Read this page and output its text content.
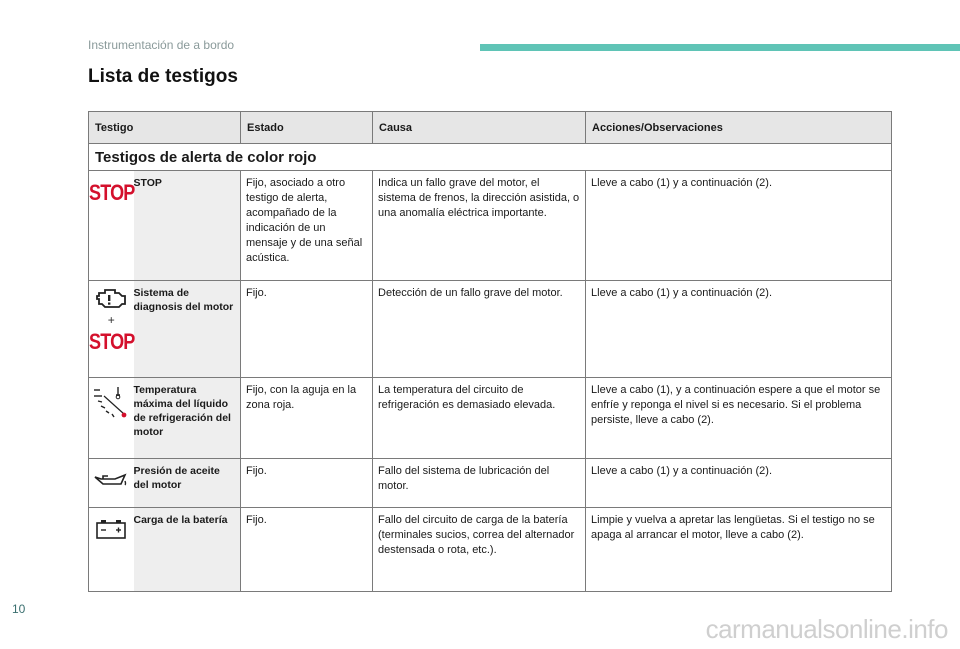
Instrumentación de a bordo
Lista de testigos
Testigo		Estado	Causa	Acciones/Observaciones
Testigos de alerta de color rojo				

STOP	STOP	Fijo, asociado a otro testigo de alerta, acompañado de la indicación de un mensaje y de una señal acústica.	Indica un fallo grave del motor, el sistema de frenos, la dirección asistida, o una anomalía eléctrica importante.	Lleve a cabo (1) y a continuación (2).

+
STOP	Sistema de diagnosis del motor	Fijo.	Detección de un fallo grave del motor.	Lleve a cabo (1) y a continuación (2).

	Temperatura máxima del líquido de refrigeración del motor	Fijo, con la aguja en la zona roja.	La temperatura del circuito de refrigeración es demasiado elevada.	Lleve a cabo (1), y a continuación espere a que el motor se enfríe y reponga el nivel si es necesario. Si el problema persiste, lleve a cabo (2).

	Presión de aceite del motor	Fijo.	Fallo del sistema de lubricación del motor.	Lleve a cabo (1) y a continuación (2).

	Carga de la batería	Fijo.	Fallo del circuito de carga de la batería (terminales sucios, correa del alternador destensada o rota, etc.).	Limpie y vuelva a apretar las lengüetas. Si el testigo no se apaga al arrancar el motor, lleve a cabo (2).
10
carmanualsonline.info
